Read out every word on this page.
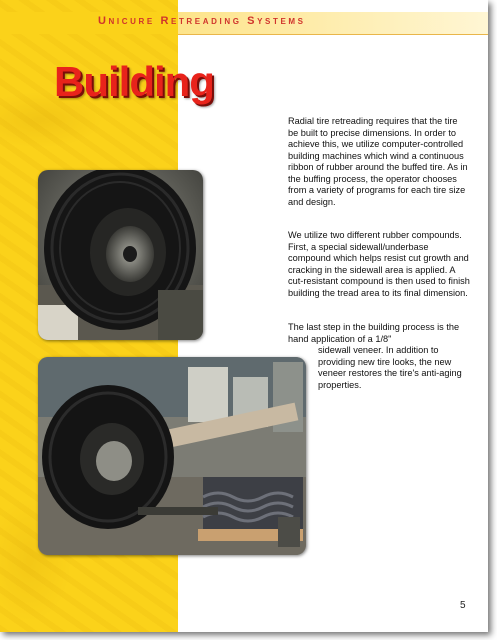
Unicure Retreading Systems
Building
Radial tire retreading requires that the tire be built to precise dimensions. In order to achieve this, we utilize computer-controlled building machines which wind a continuous ribbon of rubber around the buffed tire. As in the buffing process, the operator chooses from a variety of programs for each tire size and design.
We utilize two different rubber compounds. First, a special sidewall/underbase compound which helps resist cut growth and cracking in the sidewall area is applied. A cut-resistant compound is then used to finish building the tread area to its final dimension.
The last step in the building process is the hand application of a 1/8"
sidewall veneer. In addition to providing new tire looks, the new veneer restores the tire's anti-aging properties.
5
